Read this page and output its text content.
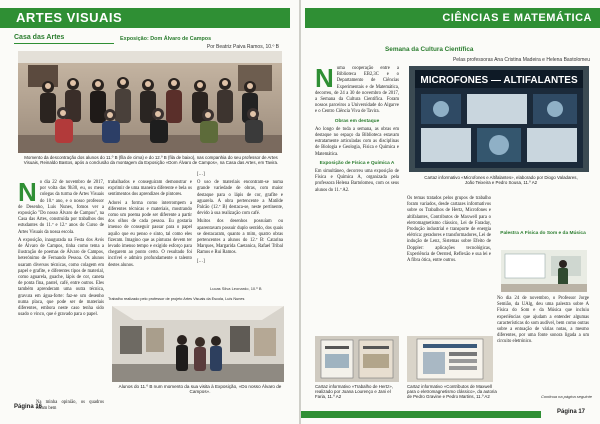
ARTES VISUAIS
Casa das Artes	Exposição: Dom Álvaro de Campos
Por Beatriz Paiva Ramos, 10.º B
Momento da descontração dos alunos do 11.º B (fila de cima) e do 12.º B (fila de baixo), nas companhia do seu professor de Artes Visuais, Reinaldo Bastos, após a conclusão da montagem da Exposição «Dom Álvaro de Campos», na Casa das Artes, em Tavira.
N o dia 22 de novembro de 2017, por volta das 9h30, eu, os meus colegas da turma de Artes Visuais do 10.º ano, e o nosso professor de Desenho, Luís Nunes, fomos ver a exposição "Do nosso Álvaro de Campos", na Casa das Artes, construída por trabalhos dos estudantes do 11.º e 12.º anos do Curso de Artes Visuais da nossa escola.

A exposição, inaugurada na Festa dos Avós de Álvaro de Campos, tinha como tema a ilustração de poemas de Álvaro de Campos, heterónimo de Fernando Pessoa. Os alunos usaram diversos técnicas, como colagem em papel e grafite, e diferentes tipos de material, como aguarela, guache, lápis de cor, caneta de ponta fina, pastel, café, entre outros. Eles também aprenderam uma outra técnica, gravura em água-forte: faz-se um desenho numa placa, que pode ser de materiais diferentes, embora neste caso tenha sido usado o vinco, que é gravado para o papel.

Na minha opinião, os quadros foram bem
Página 16

trabalhados e conseguiram demonstrar e exprimir de uma maneira diferente e bela os sentimentos dos aprendizes de pintores.

Adorei a forma como interrompem a diferentes técnicas e materiais, mostrando como um poema pode ser diferente a partir dos olhos de cada pessoa. Eu gostaria imenso de conseguir passar para o papel aquilo que eu penso e sinto, tal como eles fizeram. Imagino que as pinturas devem ter levado imenso tempo e exigido esforço para chegarem ao ponto certo. O resultado foi incrível e admiro profundamente o talento destes alunos.

[…]

O uso de materiais encontram-se numa grande variedade de obras, com maior destaque para o lápis de cor, grafite e aguarela. A obra pertencente a Matilde Palcão (12.º B) destaca-se, neste pertinente, devido à sua realização com café.

Muitos dos desenhos possuíam ou aparentavam possuir duplo sentido, dos quais se destacaram, quanto a mim, quatro obras pertencentes a alunos do 12.º B: Catarina Marques, Margarida Caetanica, Rafael Tribal Ramos e Rui Ramos.

[…]

Lucas Silva Leonardo, 10.º B
Trabalho realizado pelo professor de projeto Artes Visuais da Escola, Luís Nunes
Alunos do 11.º B num momento da sua visita à Exposição, «Do nosso Álvaro de Campos».
CIÊNCIAS E MATEMÁTICA
Semana da Cultura Científica
Pelas professoras Ana Cristina Madeira e Helena Bastolomeu
N uma cooperação entre a Biblioteca EB2,3C e o Departamento de Ciências Experimentais e de Matemática, decorreu, de 24 a 30 de novembro de 2017, a Semana da Cultura Científica. Foram nossos parceiros a Universidade do Algarve e o Centro Ciência Viva de Tavira.

Obras em destaque

Ao longo de toda a semana, as obras em destaque no espaço da Biblioteca estavam estratamente articuladas com as disciplinas de Biologia e Geologia, Física e Química e Matemática.

Exposição de Física e Química A

Em simultâneo, decorreu uma exposição de Física e Química A, organizada pela professora Helena Bartolomeu, com os seus alunos do 11.º A2.

MICROFONES — ALTIFALANTES
Cartaz informativo «Microfones e Altifalantes», elaborado por Diogo Valadares, João Teixeira e Pedro Sousa, 11.º A2

Os temas tratados pelos grupos de trabalho foram variados, desde cartazes informativos sobre os Trabalhos de Hertz, Microfones e altifalantes, Contributos de Maxwell para o eletromagnetismo clássico, Lei de Faraday, Produção industrial e transporte de energia elétrica: geradores e transformadores, Lei de indução de Lenz, Sistemas sobre Efeito de Doppler: aplicações tecnológicas, Experiência de Oersted, Reflexão e sua lei e A fibra ótica, entre outros.

Palestra A Física do Som e da Música

No dia 24 de novembro, o Professor Jorge Semião, da UAlg, deu uma palestra sobre A Física do Som e da Música que incluiu experiências que ajudam a entender algumas características do som audível, bem como outras sobre a entoação de várias notas, a mesmo diferentes, por uma fonte sonora ligada a um circuito eletrónico.

Continua na página seguinte
Cartaz informativo «Trabalho de Hertz», realizado por Joana Lourenço e Jani el Faria, 11.º A2
Cartaz informativo «Contributos de Maxwell para o eletromagnetismo clássico», da autoria de Pedro Gravine e Pedro Martins, 11.º A2
Página 17
